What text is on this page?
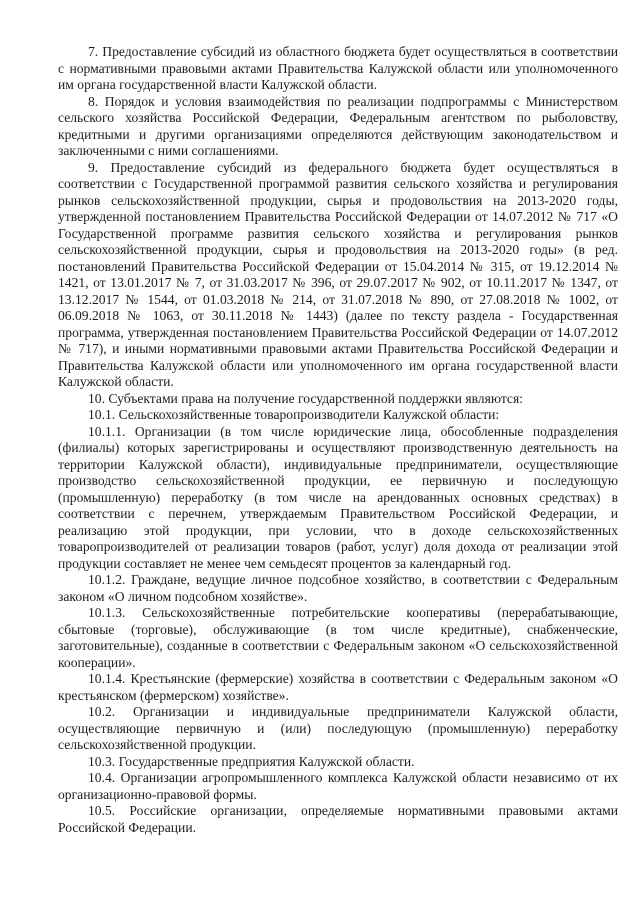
7. Предоставление субсидий из областного бюджета будет осуществляться в соответствии с нормативными правовыми актами Правительства Калужской области или уполномоченного им органа государственной власти Калужской области.

8. Порядок и условия взаимодействия по реализации подпрограммы с Министерством сельского хозяйства Российской Федерации, Федеральным агентством по рыболовству, кредитными и другими организациями определяются действующим законодательством и заключенными с ними соглашениями.

9. Предоставление субсидий из федерального бюджета будет осуществляться в соответствии с Государственной программой развития сельского хозяйства и регулирования рынков сельскохозяйственной продукции, сырья и продовольствия на 2013-2020 годы, утвержденной постановлением Правительства Российской Федерации от 14.07.2012 № 717 «О Государственной программе развития сельского хозяйства и регулирования рынков сельскохозяйственной продукции, сырья и продовольствия на 2013-2020 годы» (в ред. постановлений Правительства Российской Федерации от 15.04.2014 № 315, от 19.12.2014 № 1421, от 13.01.2017 № 7, от 31.03.2017 № 396, от 29.07.2017 № 902, от 10.11.2017 № 1347, от 13.12.2017 № 1544, от 01.03.2018 № 214, от 31.07.2018 № 890, от 27.08.2018 № 1002, от 06.09.2018 № 1063, от 30.11.2018 № 1443) (далее по тексту раздела - Государственная программа, утвержденная постановлением Правительства Российской Федерации от 14.07.2012 № 717), и иными нормативными правовыми актами Правительства Российской Федерации и Правительства Калужской области или уполномоченного им органа государственной власти Калужской области.

10. Субъектами права на получение государственной поддержки являются:

10.1. Сельскохозяйственные товаропроизводители Калужской области:

10.1.1. Организации (в том числе юридические лица, обособленные подразделения (филиалы) которых зарегистрированы и осуществляют производственную деятельность на территории Калужской области), индивидуальные предприниматели, осуществляющие производство сельскохозяйственной продукции, ее первичную и последующую (промышленную) переработку (в том числе на арендованных основных средствах) в соответствии с перечнем, утверждаемым Правительством Российской Федерации, и реализацию этой продукции, при условии, что в доходе сельскохозяйственных товаропроизводителей от реализации товаров (работ, услуг) доля дохода от реализации этой продукции составляет не менее чем семьдесят процентов за календарный год.

10.1.2. Граждане, ведущие личное подсобное хозяйство, в соответствии с Федеральным законом «О личном подсобном хозяйстве».

10.1.3. Сельскохозяйственные потребительские кооперативы (перерабатывающие, сбытовые (торговые), обслуживающие (в том числе кредитные), снабженческие, заготовительные), созданные в соответствии с Федеральным законом «О сельскохозяйственной кооперации».

10.1.4. Крестьянские (фермерские) хозяйства в соответствии с Федеральным законом «О крестьянском (фермерском) хозяйстве».

10.2. Организации и индивидуальные предприниматели Калужской области, осуществляющие первичную и (или) последующую (промышленную) переработку сельскохозяйственной продукции.

10.3. Государственные предприятия Калужской области.

10.4. Организации агропромышленного комплекса Калужской области независимо от их организационно-правовой формы.

10.5. Российские организации, определяемые нормативными правовыми актами Российской Федерации.
